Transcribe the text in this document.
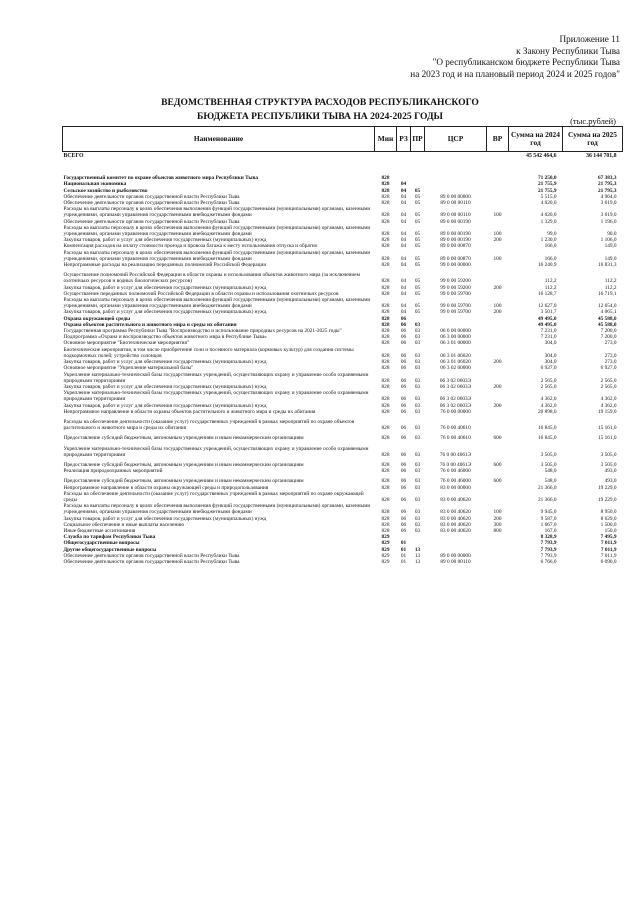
Приложение 11
к Закону Республики Тыва
"О республиканском бюджете Республики Тыва
на 2023 год и на плановый период 2024 и 2025 годов"
ВЕДОМСТВЕННАЯ СТРУКТУРА РАСХОДОВ РЕСПУБЛИКАНСКОГО
БЮДЖЕТА РЕСПУБЛИКИ ТЫВА НА 2024-2025 ГОДЫ	(тыс.рублей)
Наименование	Мин	РЗ	ПР	ЦСР	ВР	Сумма на 2024 год	Сумма на 2025 год
ВСЕГО						45 542 464,6	36 144 701,8
Государственный комитет по охране объектов животного мира Республики Тыва	828					71 250,0	67 383,3
Национальная экономика	828	04				21 755,9	21 795,3
Сельское хозяйство и рыболовство	828	04	05			21 755,9	21 795,3
Обеспечение деятельности органов государственной власти Республики Тыва	828	04	05	89 0 00 00000		5 515,0	4 964,0
Обеспечение деятельности органов государственной власти Республики Тыва	828	04	05	89 0 00 00110		4 020,0	3 619,0
Расходы на выплаты персоналу в целях обеспечения выполнения функций государственными (муниципальными) органами, казенными учреждениями, органами управления государственными внебюджетными фондами	828	04	05	89 0 00 00110	100	4 020,0	3 619,0
Обеспечение деятельности органов государственной власти Республики Тыва	828	04	05	89 0 00 00190		1 329,0	1 196,0
Расходы на выплаты персоналу в целях обеспечения выполнения функций государственными (муниципальными) органами, казенными учреждениями, органами управления государственными внебюджетными фондами	828	04	05	89 0 00 00190	100	99,0	90,0
Закупка товаров, работ и услуг для обеспечения государственных (муниципальных) нужд	828	04	05	89 0 00 00190	200	1 230,0	1 106,0
Компенсация расходов на оплату стоимости проезда и провоза багажа к месту использования отпуска и обратно	828	04	05	89 0 00 00870		166,0	149,0
Расходы на выплаты персоналу в целях обеспечения выполнения функций государственными (муниципальными) органами, казенными учреждениями, органами управления государственными внебюджетными фондами	828	04	05	89 0 00 00870	100	166,0	149,0
Непрограммные расходы на реализацию переданных полномочий Российской Федерации	828	04	05	99 0 00 00000		16 240,9	16 831,3
Осуществление полномочий Российской Федерации в области охраны и использования объектов животного мира (за исключением охотничьих ресурсов и водных биологических ресурсов)	828	04	05	99 0 00 59200		112,2	112,2
Закупка товаров, работ и услуг для обеспечения государственных (муниципальных) нужд	828	04	05	99 0 00 59200	200	112,2	112,2
Осуществление переданных полномочий Российской Федерации в области охраны и использования охотничьих ресурсов	828	04	05	99 0 00 59700		16 128,7	16 719,1
Расходы на выплаты персоналу в целях обеспечения выполнения функций государственными (муниципальными) органами, казенными учреждениями, органами управления государственными внебюджетными фондами	828	04	05	99 0 00 59700	100	12 627,0	12 654,0
Закупка товаров, работ и услуг для обеспечения государственных (муниципальных) нужд	828	04	05	99 0 00 59700	200	3 501,7	4 065,1
Охрана окружающей среды	828	06				49 495,0	45 588,0
Охрана объектов растительного и животного мира и среды их обитания	828	06	03			49 495,0	45 588,0
Государственная программа Республики Тыва "Воспроизводство и использование природных ресурсов на 2021-2025 годы"	828	06	03	06 0 00 00000		7 231,0	7 200,0
Подпрограмма «Охрана и воспроизводство объектов животного мира в Республике Тыва»	828	06	03	06 3 00 00000		7 231,0	7 200,0
Основное мероприятие "Биотехнические мероприятия"	828	06	03	06 3 01 00000		304,0	273,0
Биотехнические мероприятия, в том числе приобретение соли и посевного материала (кормовых культур) для создания системы подкормочных полей; устройство солонцов	828	06	03	06 3 01 06020		304,0	273,0
Закупка товаров, работ и услуг для обеспечения государственных (муниципальных) нужд	828	06	03	06 3 01 06020	200	304,0	273,0
Основное мероприятие "Укрепление материальной базы"	828	06	03	06 3 02 00000		6 927,0	6 927,0
Укрепление материально-технической базы государственных учреждений, осуществляющих охрану и управление особо охраняемыми природными территориями	828	06	03	06 3 02 0603Э		2 565,0	2 565,0
Закупка товаров, работ и услуг для обеспечения государственных (муниципальных) нужд	828	06	03	06 3 02 0603Э	200	2 565,0	2 565,0
Укрепление материально-технической базы государственных учреждений, осуществляющих охрану и управление особо охраняемыми природными территориями	828	06	03	06 3 02 0603Э		4 362,0	4 362,0
Закупка товаров, работ и услуг для обеспечения государственных (муниципальных) нужд	828	06	03	06 3 02 0603Э	200	4 362,0	4 362,0
Непрограммное направление в области охраны объектов растительного и животного мира и среды их обитания	828	06	03	76 0 00 00000		20 898,0	19 159,0
Расходы на обеспечение деятельности (оказание услуг) государственных учреждений в рамках мероприятий по охране объектов растительного и животного мира и среды их обитания	828	06	03	76 0 00 40610		16 845,0	15 161,0
Предоставление субсидий бюджетным, автономным учреждениям и иным некоммерческим организациям	828	06	03	76 0 00 40610	600	16 845,0	15 161,0
Укрепление материально-технической базы государственных учреждений, осуществляющих охрану и управление особо охраняемыми природными территориями	828	06	03	76 0 00 4061Э		3 505,0	3 505,0
Предоставление субсидий бюджетным, автономным учреждениям и иным некоммерческим организациям	828	06	03	76 0 00 4061Э	600	3 505,0	3 505,0
Реализация природоохранных мероприятий	828	06	03	76 0 00 46000		548,0	493,0
Предоставление субсидий бюджетным, автономным учреждениям и иным некоммерческим организациям	828	06	03	76 0 00 46000	600	548,0	493,0
Непрограммное направление в области охраны окружающей среды и природопользования	828	06	03	83 0 00 00000		21 366,0	19 229,0
Расходы на обеспечение деятельности (оказание услуг) государственных учреждений в рамках мероприятий по охране окружающей среды	828	06	03	83 0 00 40620		21 366,0	19 229,0
Расходы на выплаты персоналу в целях обеспечения выполнения функций государственными (муниципальными) органами, казенными учреждениями, органами управления государственными внебюджетными фондами	828	06	03	83 0 00 40620	100	9 945,0	8 950,0
Закупка товаров, работ и услуг для обеспечения государственных (муниципальных) нужд	828	06	03	83 0 00 40620	200	9 587,0	8 629,0
Социальное обеспечение и иные выплаты населению	828	06	03	83 0 00 40620	300	1 667,0	1 500,0
Иные бюджетные ассигнования	828	06	03	83 0 00 40620	800	167,0	150,0
Служба по тарифам Республики Тыва	829					8 328,9	7 495,9
Общегосударственные вопросы	829	01				7 793,9	7 011,9
Другие общегосударственные вопросы	829	01	13			7 793,9	7 011,9
Обеспечение деятельности органов государственной власти Республики Тыва	829	01	13	89 0 00 00000		7 793,9	7 011,9
Обеспечение деятельности органов государственной власти Республики Тыва	829	01	13	89 0 00 00110		6 766,0	6 090,0
